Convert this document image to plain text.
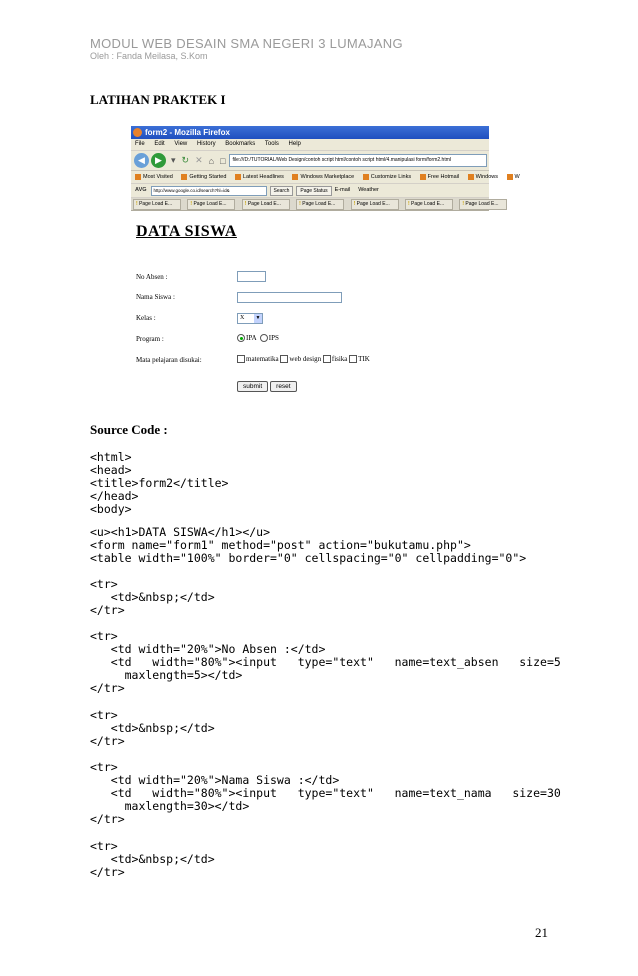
MODUL WEB DESAIN SMA NEGERI 3 LUMAJANG
Oleh : Fanda Meilasa, S.Kom
LATIHAN PRAKTEK I
form2 - Mozilla Firefox
File Edit View History Bookmarks Tools Help
◀	▶	▾ ↻ ✕ ⌂ □	file:///D:/TUTORIAL/Web Design/contoh script html/contoh script html/4.manipulasi form/form2.html
Most Visited	Getting Started	Latest Headlines	Windows Marketplace	Customize Links	Free Hotmail	Windows	W
AVG	http://www.google.co.id/search?hl=id&	Search	Page Status	E-mail Weather
! Page Load E...	! Page Load E...	! Page Load E...	! Page Load E...	! Page Load E...	! Page Load E...	! Page Load E...
DATA SISWA
No Absen :
Nama Siswa :
Kelas :	X	▼
Program :	IPA IPS
Mata pelajaran disukai:	matematika web design fisika TIK
submit reset
Source Code :
<html>
<head>
<title>form2</title>
</head>
<body>
<u><h1>DATA SISWA</h1></u>
<form name="form1" method="post" action="bukutamu.php">
<table width="100%" border="0" cellspacing="0" cellpadding="0">
<tr>
<td>&nbsp;</td>
</tr>
<tr>
<td width="20%">No Absen :</td>
<td   width="80%"><input   type="text"   name=text_absen   size=5
maxlength=5></td>
</tr>
<tr>
<td>&nbsp;</td>
</tr>
<tr>
<td width="20%">Nama Siswa :</td>
<td   width="80%"><input   type="text"   name=text_nama   size=30
maxlength=30></td>
</tr>
<tr>
<td>&nbsp;</td>
</tr>
21
